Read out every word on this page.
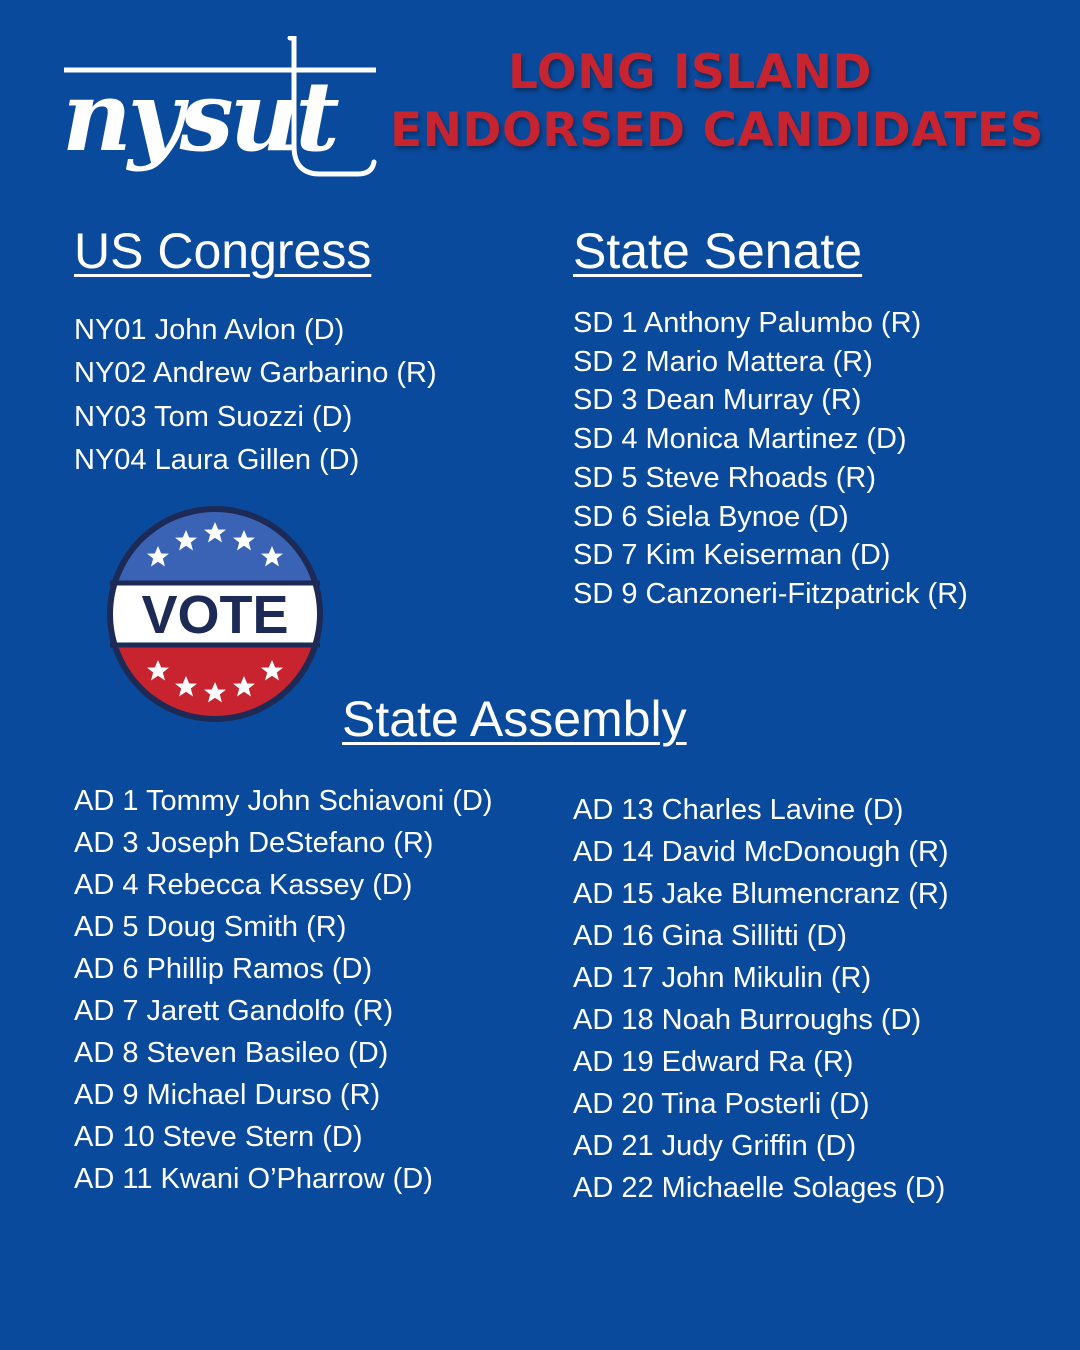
nysut	LONG ISLAND
ENDORSED CANDIDATES
US Congress
NY01 John Avlon (D)
NY02 Andrew Garbarino (R)
NY03 Tom Suozzi (D)
NY04 Laura Gillen (D)
State Senate
SD 1 Anthony Palumbo (R)
SD 2 Mario Mattera (R)
SD 3 Dean Murray (R)
SD 4 Monica Martinez (D)
SD 5 Steve Rhoads (R)
SD 6 Siela Bynoe (D)
SD 7 Kim Keiserman (D)
SD 9 Canzoneri-Fitzpatrick (R)
VOTE
State Assembly
AD 1 Tommy John Schiavoni (D)
AD 3 Joseph DeStefano (R)
AD 4 Rebecca Kassey (D)
AD 5 Doug Smith (R)
AD 6 Phillip Ramos (D)
AD 7 Jarett Gandolfo (R)
AD 8 Steven Basileo (D)
AD 9 Michael Durso (R)
AD 10 Steve Stern (D)
AD 11 Kwani O’Pharrow (D)
AD 13 Charles Lavine (D)
AD 14 David McDonough (R)
AD 15 Jake Blumencranz (R)
AD 16 Gina Sillitti (D)
AD 17 John Mikulin (R)
AD 18 Noah Burroughs (D)
AD 19 Edward Ra (R)
AD 20 Tina Posterli (D)
AD 21 Judy Griffin (D)
AD 22 Michaelle Solages (D)
